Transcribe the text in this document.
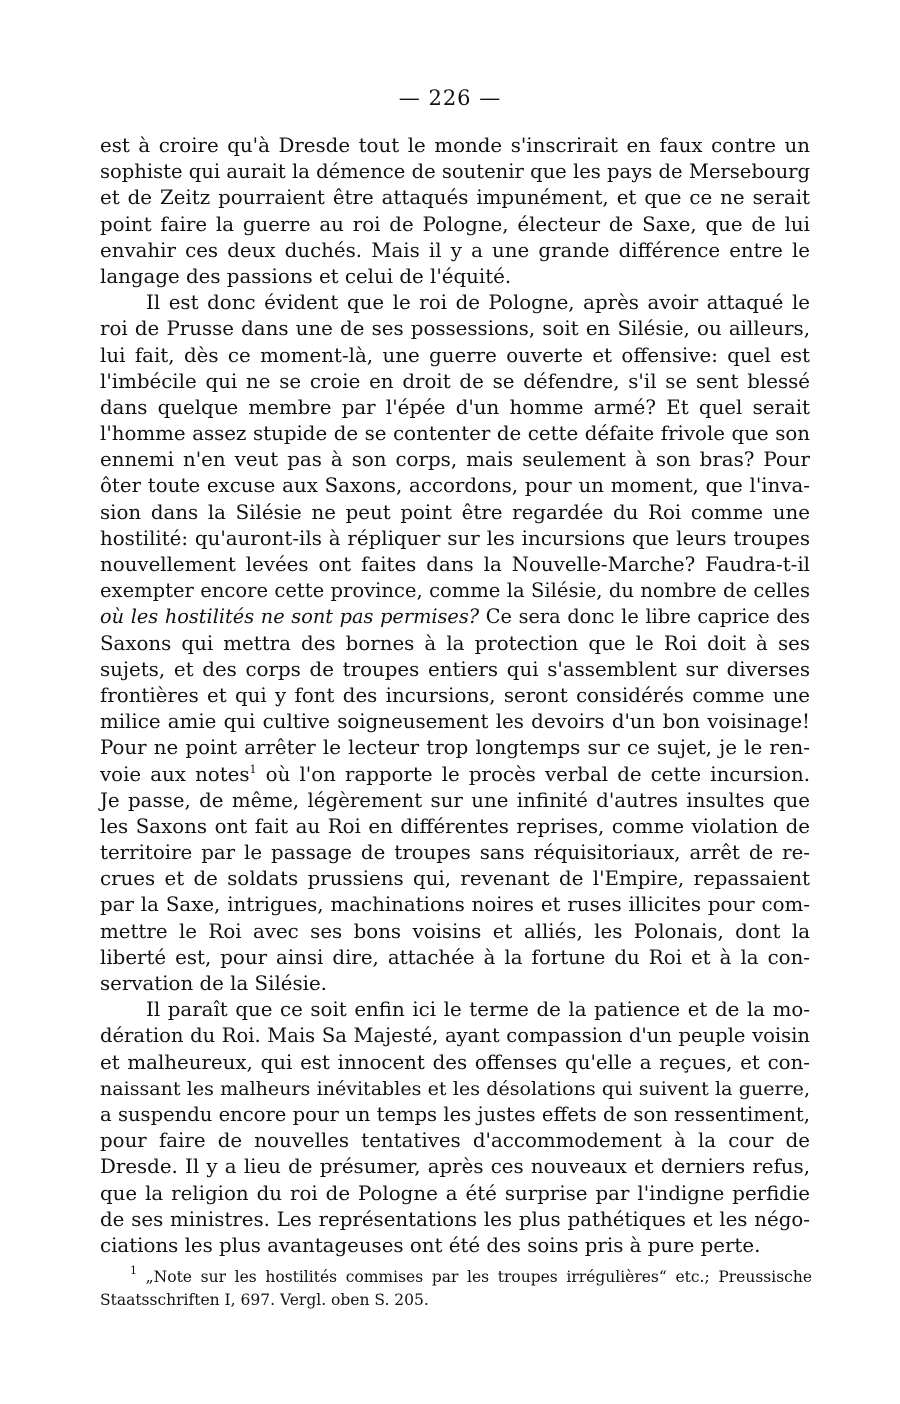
— 226 —

est à croire qu'à Dresde tout le monde s'inscrirait en faux contre un
sophiste qui aurait la démence de soutenir que les pays de Mersebourg
et de Zeitz pourraient être attaqués impunément, et que ce ne serait
point faire la guerre au roi de Pologne, électeur de Saxe, que de lui
envahir ces deux duchés. Mais il y a une grande différence entre le
langage des passions et celui de l'équité.

Il est donc évident que le roi de Pologne, après avoir attaqué le
roi de Prusse dans une de ses possessions, soit en Silésie, ou ailleurs,
lui fait, dès ce moment-là, une guerre ouverte et offensive: quel est
l'imbécile qui ne se croie en droit de se défendre, s'il se sent blessé
dans quelque membre par l'épée d'un homme armé? Et quel serait
l'homme assez stupide de se contenter de cette défaite frivole que son
ennemi n'en veut pas à son corps, mais seulement à son bras? Pour
ôter toute excuse aux Saxons, accordons, pour un moment, que l'inva-
sion dans la Silésie ne peut point être regardée du Roi comme une
hostilité: qu'auront-ils à répliquer sur les incursions que leurs troupes
nouvellement levées ont faites dans la Nouvelle-Marche? Faudra-t-il
exempter encore cette province, comme la Silésie, du nombre de celles
où les hostilités ne sont pas permises? Ce sera donc le libre caprice des
Saxons qui mettra des bornes à la protection que le Roi doit à ses
sujets, et des corps de troupes entiers qui s'assemblent sur diverses
frontières et qui y font des incursions, seront considérés comme une
milice amie qui cultive soigneusement les devoirs d'un bon voisinage!
Pour ne point arrêter le lecteur trop longtemps sur ce sujet, je le ren-
voie aux notes$^1$ où l'on rapporte le procès verbal de cette incursion.
Je passe, de même, légèrement sur une infinité d'autres insultes que
les Saxons ont fait au Roi en différentes reprises, comme violation de
territoire par le passage de troupes sans réquisitoriaux, arrêt de re-
crues et de soldats prussiens qui, revenant de l'Empire, repassaient
par la Saxe, intrigues, machinations noires et ruses illicites pour com-
mettre le Roi avec ses bons voisins et alliés, les Polonais, dont la
liberté est, pour ainsi dire, attachée à la fortune du Roi et à la con-
servation de la Silésie.

Il paraît que ce soit enfin ici le terme de la patience et de la mo-
dération du Roi. Mais Sa Majesté, ayant compassion d'un peuple voisin
et malheureux, qui est innocent des offenses qu'elle a reçues, et con-
naissant les malheurs inévitables et les désolations qui suivent la guerre,
a suspendu encore pour un temps les justes effets de son ressentiment,
pour faire de nouvelles tentatives d'accommodement à la cour de
Dresde. Il y a lieu de présumer, après ces nouveaux et derniers refus,
que la religion du roi de Pologne a été surprise par l'indigne perfidie
de ses ministres. Les représentations les plus pathétiques et les négo-
ciations les plus avantageuses ont été des soins pris à pure perte.

$^1$ „Note sur les hostilités commises par les troupes irrégulières“ etc.; Preussische
Staatsschriften I, 697. Vergl. oben S. 205.
